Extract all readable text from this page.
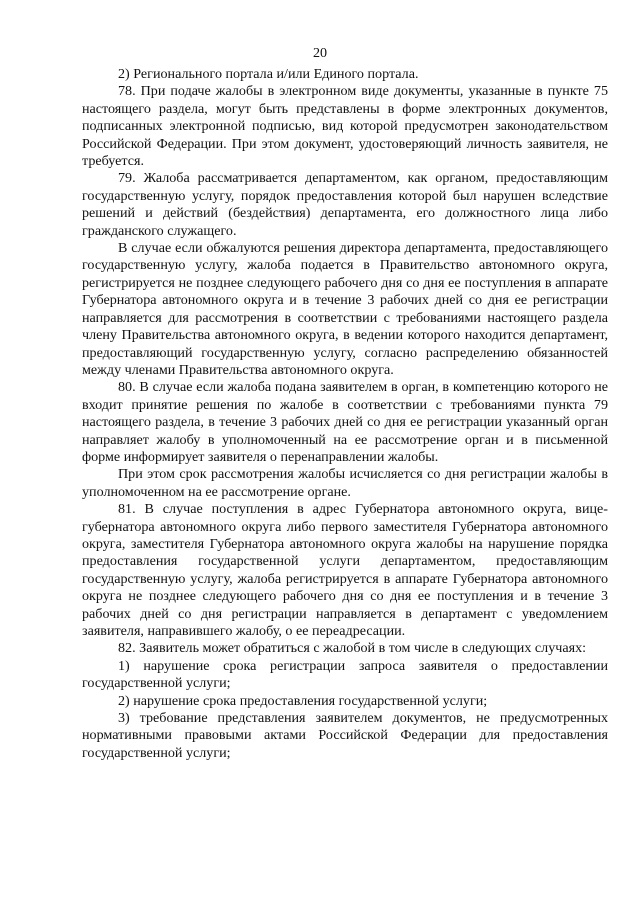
20

2) Регионального портала и/или Единого портала.

78. При подаче жалобы в электронном виде документы, указанные в пункте 75 настоящего раздела, могут быть представлены в форме электронных документов, подписанных электронной подписью, вид которой предусмотрен законодательством Российской Федерации. При этом документ, удостоверяющий личность заявителя, не требуется.

79. Жалоба рассматривается департаментом, как органом, предоставляющим государственную услугу, порядок предоставления которой был нарушен вследствие решений и действий (бездействия) департамента, его должностного лица либо гражданского служащего.

В случае если обжалуются решения директора департамента, предоставляющего государственную услугу, жалоба подается в Правительство автономного округа, регистрируется не позднее следующего рабочего дня со дня ее поступления в аппарате Губернатора автономного округа и в течение 3 рабочих дней со дня ее регистрации направляется для рассмотрения в соответствии с требованиями настоящего раздела члену Правительства автономного округа, в ведении которого находится департамент, предоставляющий государственную услугу, согласно распределению обязанностей между членами Правительства автономного округа.

80. В случае если жалоба подана заявителем в орган, в компетенцию которого не входит принятие решения по жалобе в соответствии с требованиями пункта 79 настоящего раздела, в течение 3 рабочих дней со дня ее регистрации указанный орган направляет жалобу в уполномоченный на ее рассмотрение орган и в письменной форме информирует заявителя о перенаправлении жалобы.

При этом срок рассмотрения жалобы исчисляется со дня регистрации жалобы в уполномоченном на ее рассмотрение органе.

81. В случае поступления в адрес Губернатора автономного округа, вице-губернатора автономного округа либо первого заместителя Губернатора автономного округа, заместителя Губернатора автономного округа жалобы на нарушение порядка предоставления государственной услуги департаментом, предоставляющим государственную услугу, жалоба регистрируется в аппарате Губернатора автономного округа не позднее следующего рабочего дня со дня ее поступления и в течение 3 рабочих дней со дня регистрации направляется в департамент с уведомлением заявителя, направившего жалобу, о ее переадресации.

82. Заявитель может обратиться с жалобой в том числе в следующих случаях:

1) нарушение срока регистрации запроса заявителя о предоставлении государственной услуги;

2) нарушение срока предоставления государственной услуги;

3) требование представления заявителем документов, не предусмотренных нормативными правовыми актами Российской Федерации для предоставления государственной услуги;
